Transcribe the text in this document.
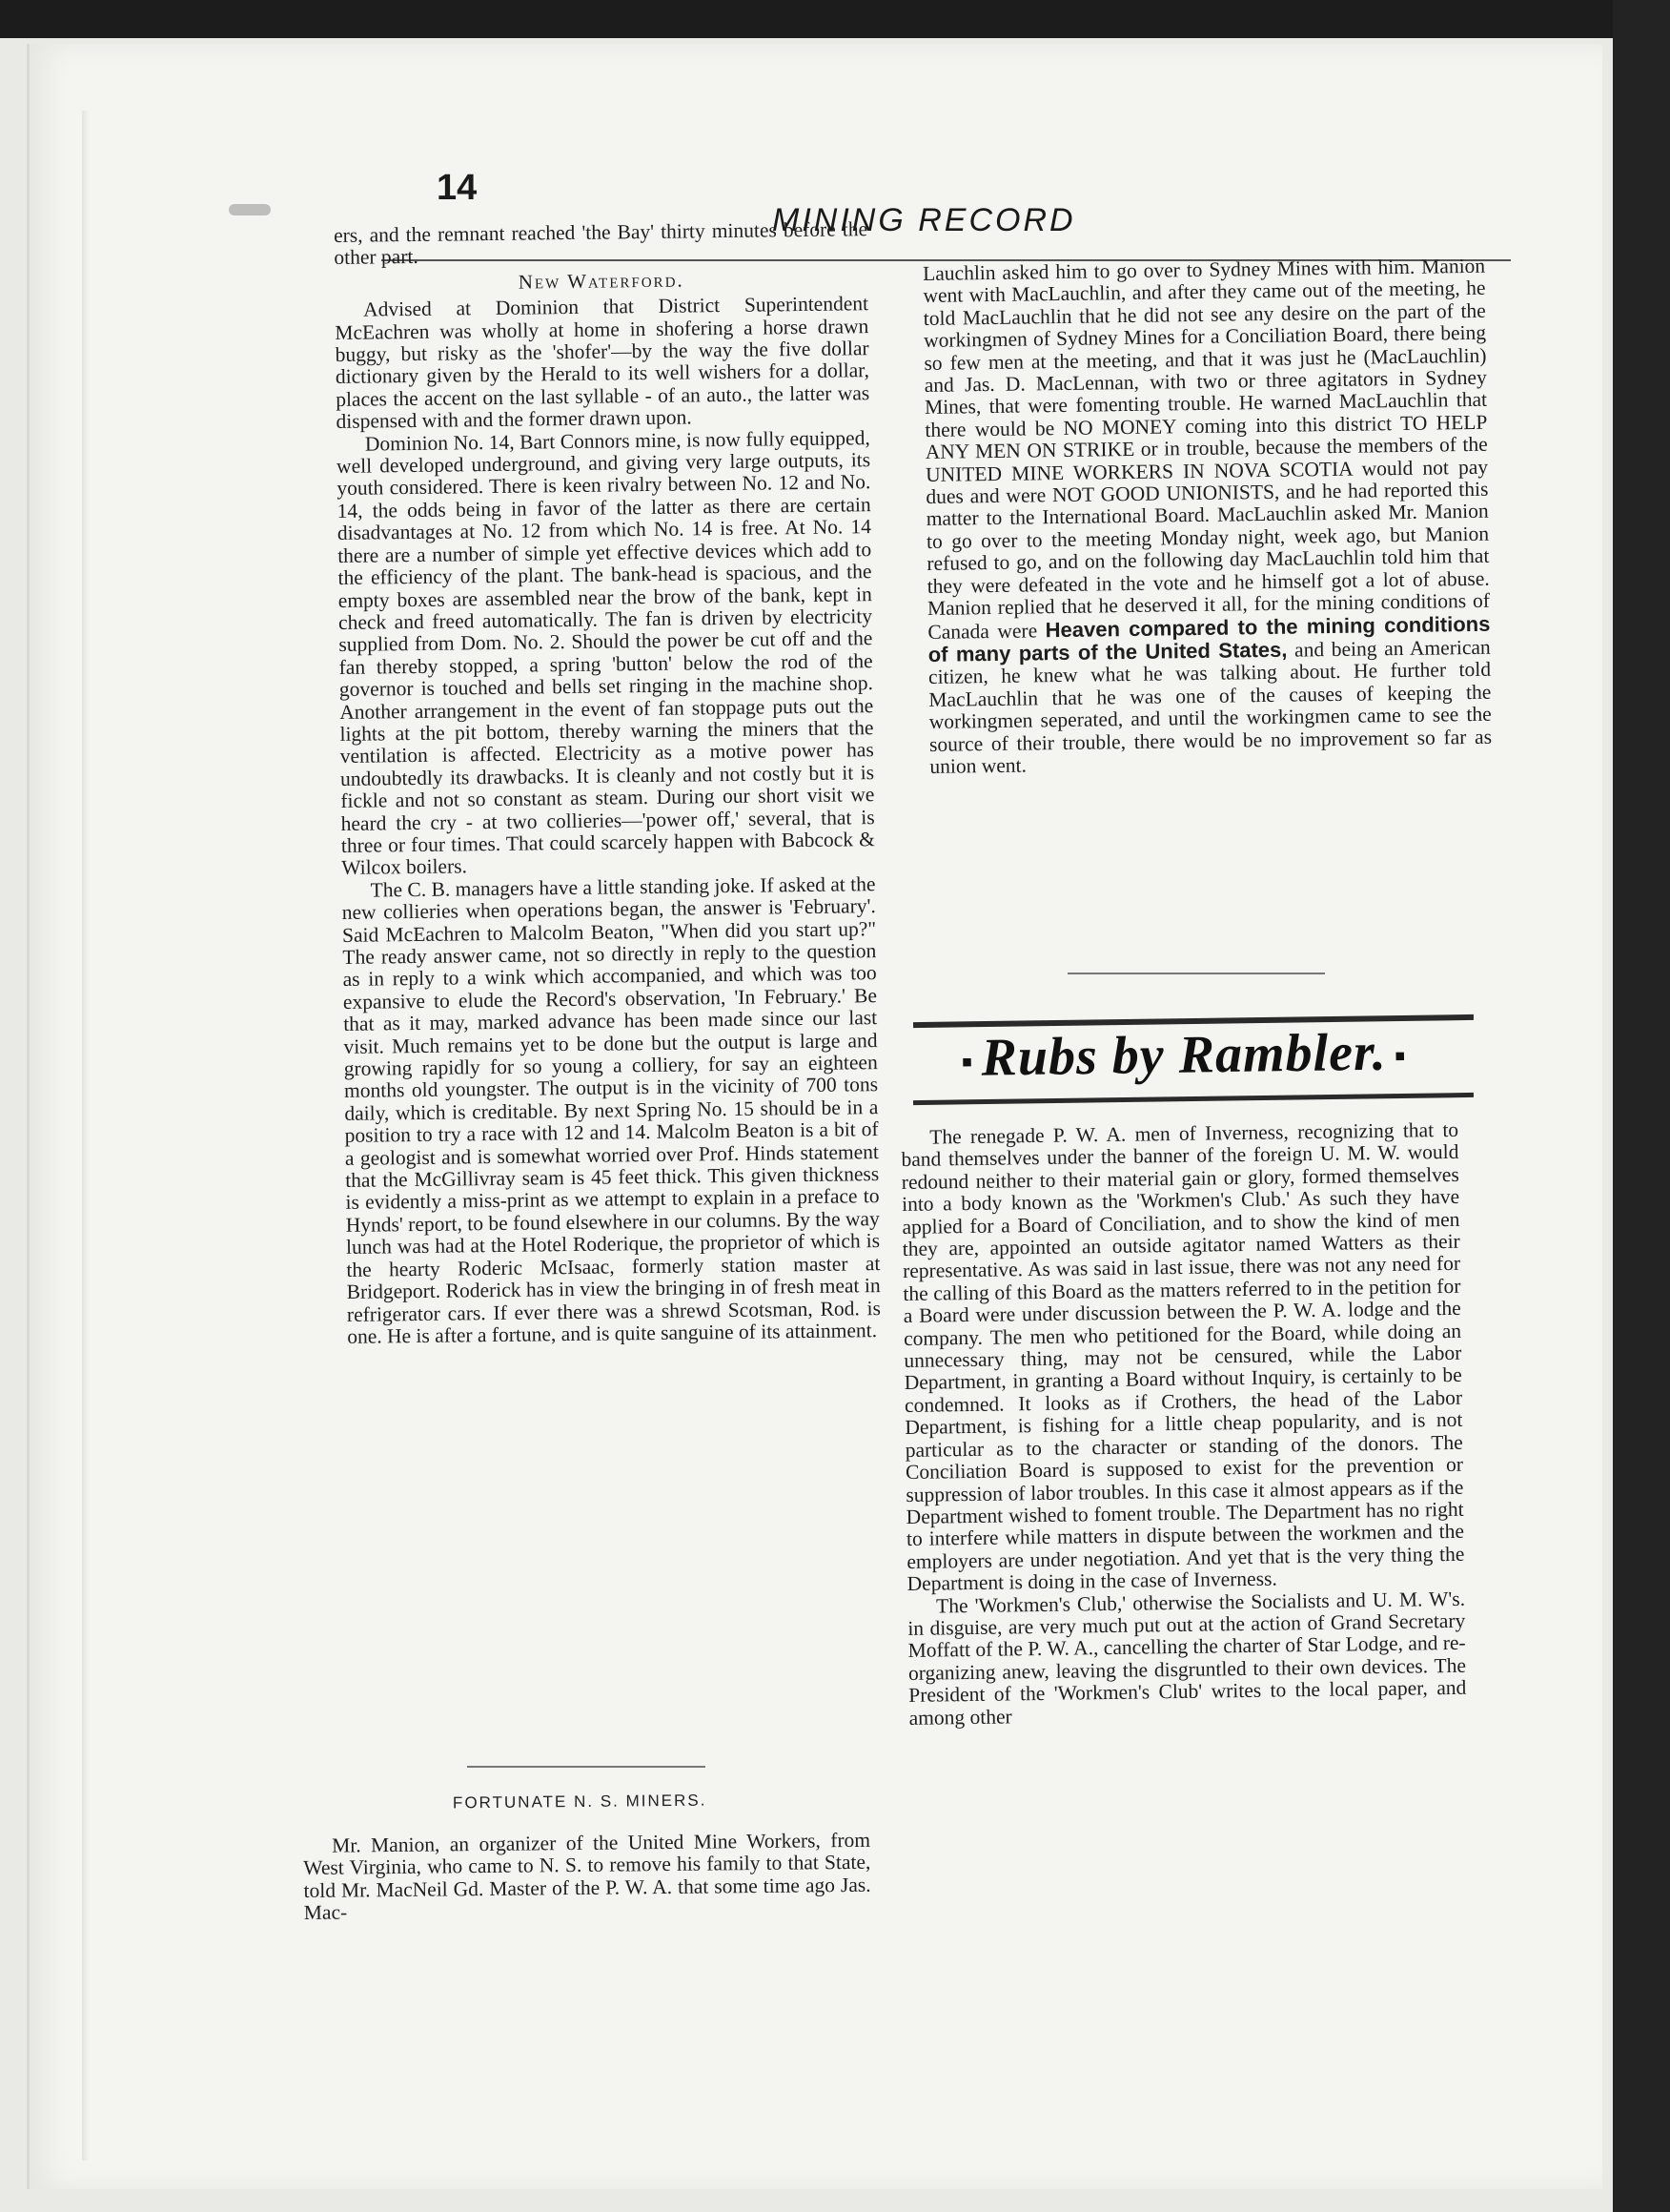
14
MINING RECORD

ers, and the remnant reached 'the Bay' thirty minutes before the other part.

New Waterford.

Advised at Dominion that District Superintendent McEachren was wholly at home in shofering a horse drawn buggy, but risky as the 'shofer'—by the way the five dollar dictionary given by the Herald to its well wishers for a dollar, places the accent on the last syllable - of an auto., the latter was dispensed with and the former drawn upon.

Dominion No. 14, Bart Connors mine, is now fully equipped, well developed underground, and giving very large outputs, its youth considered. There is keen rivalry between No. 12 and No. 14, the odds being in favor of the latter as there are certain disadvantages at No. 12 from which No. 14 is free. At No. 14 there are a number of simple yet effective devices which add to the efficiency of the plant. The bank-head is spacious, and the empty boxes are assembled near the brow of the bank, kept in check and freed automatically. The fan is driven by electricity supplied from Dom. No. 2. Should the power be cut off and the fan thereby stopped, a spring 'button' below the rod of the governor is touched and bells set ringing in the machine shop. Another arrangement in the event of fan stoppage puts out the lights at the pit bottom, thereby warning the miners that the ventilation is affected. Electricity as a motive power has undoubtedly its drawbacks. It is cleanly and not costly but it is fickle and not so constant as steam. During our short visit we heard the cry - at two collieries—'power off,' several, that is three or four times. That could scarcely happen with Babcock & Wilcox boilers.

The C. B. managers have a little standing joke. If asked at the new collieries when operations began, the answer is 'February'. Said McEachren to Malcolm Beaton, "When did you start up?" The ready answer came, not so directly in reply to the question as in reply to a wink which accompanied, and which was too expansive to elude the Record's observation, 'In February.' Be that as it may, marked advance has been made since our last visit. Much remains yet to be done but the output is large and growing rapidly for so young a colliery, for say an eighteen months old youngster. The output is in the vicinity of 700 tons daily, which is creditable. By next Spring No. 15 should be in a position to try a race with 12 and 14. Malcolm Beaton is a bit of a geologist and is somewhat worried over Prof. Hinds statement that the McGillivray seam is 45 feet thick. This given thickness is evidently a miss-print as we attempt to explain in a preface to Hynds' report, to be found elsewhere in our columns. By the way lunch was had at the Hotel Roderique, the proprietor of which is the hearty Roderic McIsaac, formerly station master at Bridgeport. Roderick has in view the bringing in of fresh meat in refrigerator cars. If ever there was a shrewd Scotsman, Rod. is one. He is after a fortune, and is quite sanguine of its attainment.

FORTUNATE N. S. MINERS.

Mr. Manion, an organizer of the United Mine Workers, from West Virginia, who came to N. S. to remove his family to that State, told Mr. MacNeil Gd. Master of the P. W. A. that some time ago Jas. Mac-

Lauchlin asked him to go over to Sydney Mines with him. Manion went with MacLauchlin, and after they came out of the meeting, he told MacLauchlin that he did not see any desire on the part of the workingmen of Sydney Mines for a Conciliation Board, there being so few men at the meeting, and that it was just he (MacLauchlin) and Jas. D. MacLennan, with two or three agitators in Sydney Mines, that were fomenting trouble. He warned MacLauchlin that there would be NO MONEY coming into this district TO HELP ANY MEN ON STRIKE or in trouble, because the members of the UNITED MINE WORKERS IN NOVA SCOTIA would not pay dues and were NOT GOOD UNIONISTS, and he had reported this matter to the International Board. MacLauchlin asked Mr. Manion to go over to the meeting Monday night, week ago, but Manion refused to go, and on the following day MacLauchlin told him that they were defeated in the vote and he himself got a lot of abuse. Manion replied that he deserved it all, for the mining conditions of Canada were Heaven compared to the mining conditions of many parts of the United States, and being an American citizen, he knew what he was talking about. He further told MacLauchlin that he was one of the causes of keeping the workingmen seperated, and until the workingmen came to see the source of their trouble, there would be no improvement so far as union went.

▪ Rubs by Rambler. ▪

The renegade P. W. A. men of Inverness, recognizing that to band themselves under the banner of the foreign U. M. W. would redound neither to their material gain or glory, formed themselves into a body known as the 'Workmen's Club.' As such they have applied for a Board of Conciliation, and to show the kind of men they are, appointed an outside agitator named Watters as their representative. As was said in last issue, there was not any need for the calling of this Board as the matters referred to in the petition for a Board were under discussion between the P. W. A. lodge and the company. The men who petitioned for the Board, while doing an unnecessary thing, may not be censured, while the Labor Department, in granting a Board without Inquiry, is certainly to be condemned. It looks as if Crothers, the head of the Labor Department, is fishing for a little cheap popularity, and is not particular as to the character or standing of the donors. The Conciliation Board is supposed to exist for the prevention or suppression of labor troubles. In this case it almost appears as if the Department wished to foment trouble. The Department has no right to interfere while matters in dispute between the workmen and the employers are under negotiation. And yet that is the very thing the Department is doing in the case of Inverness.

The 'Workmen's Club,' otherwise the Socialists and U. M. W's. in disguise, are very much put out at the action of Grand Secretary Moffatt of the P. W. A., cancelling the charter of Star Lodge, and re-organizing anew, leaving the disgruntled to their own devices. The President of the 'Workmen's Club' writes to the local paper, and among other
